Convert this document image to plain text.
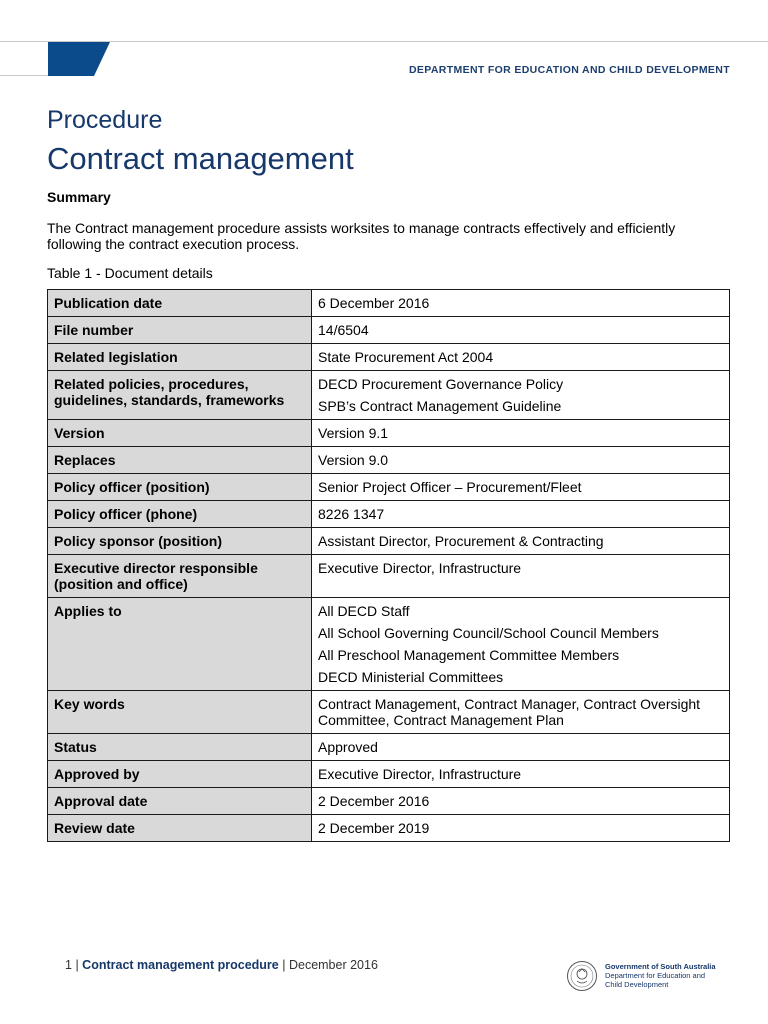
DEPARTMENT FOR EDUCATION AND CHILD DEVELOPMENT
Procedure
Contract management
Summary
The Contract management procedure assists worksites to manage contracts effectively and efficiently following the contract execution process.
Table 1 - Document details
Publication date	6 December 2016

File number	14/6504

Related legislation	State Procurement Act 2004

Related policies, procedures, guidelines, standards, frameworks	DECD Procurement Governance Policy
SPB’s Contract Management Guideline

Version	Version 9.1

Replaces	Version 9.0

Policy officer (position)	Senior Project Officer – Procurement/Fleet

Policy officer (phone)	8226 1347

Policy sponsor (position)	Assistant Director, Procurement & Contracting

Executive director responsible (position and office)	Executive Director, Infrastructure

Applies to	All DECD Staff
All School Governing Council/School Council Members
All Preschool Management Committee Members
DECD Ministerial Committees

Key words	Contract Management, Contract Manager, Contract Oversight Committee, Contract Management Plan

Status	Approved

Approved by	Executive Director, Infrastructure

Approval date	2 December 2016

Review date	2 December 2019
1 | Contract management procedure | December 2016	Government of South Australia
Department for Education and
Child Development
